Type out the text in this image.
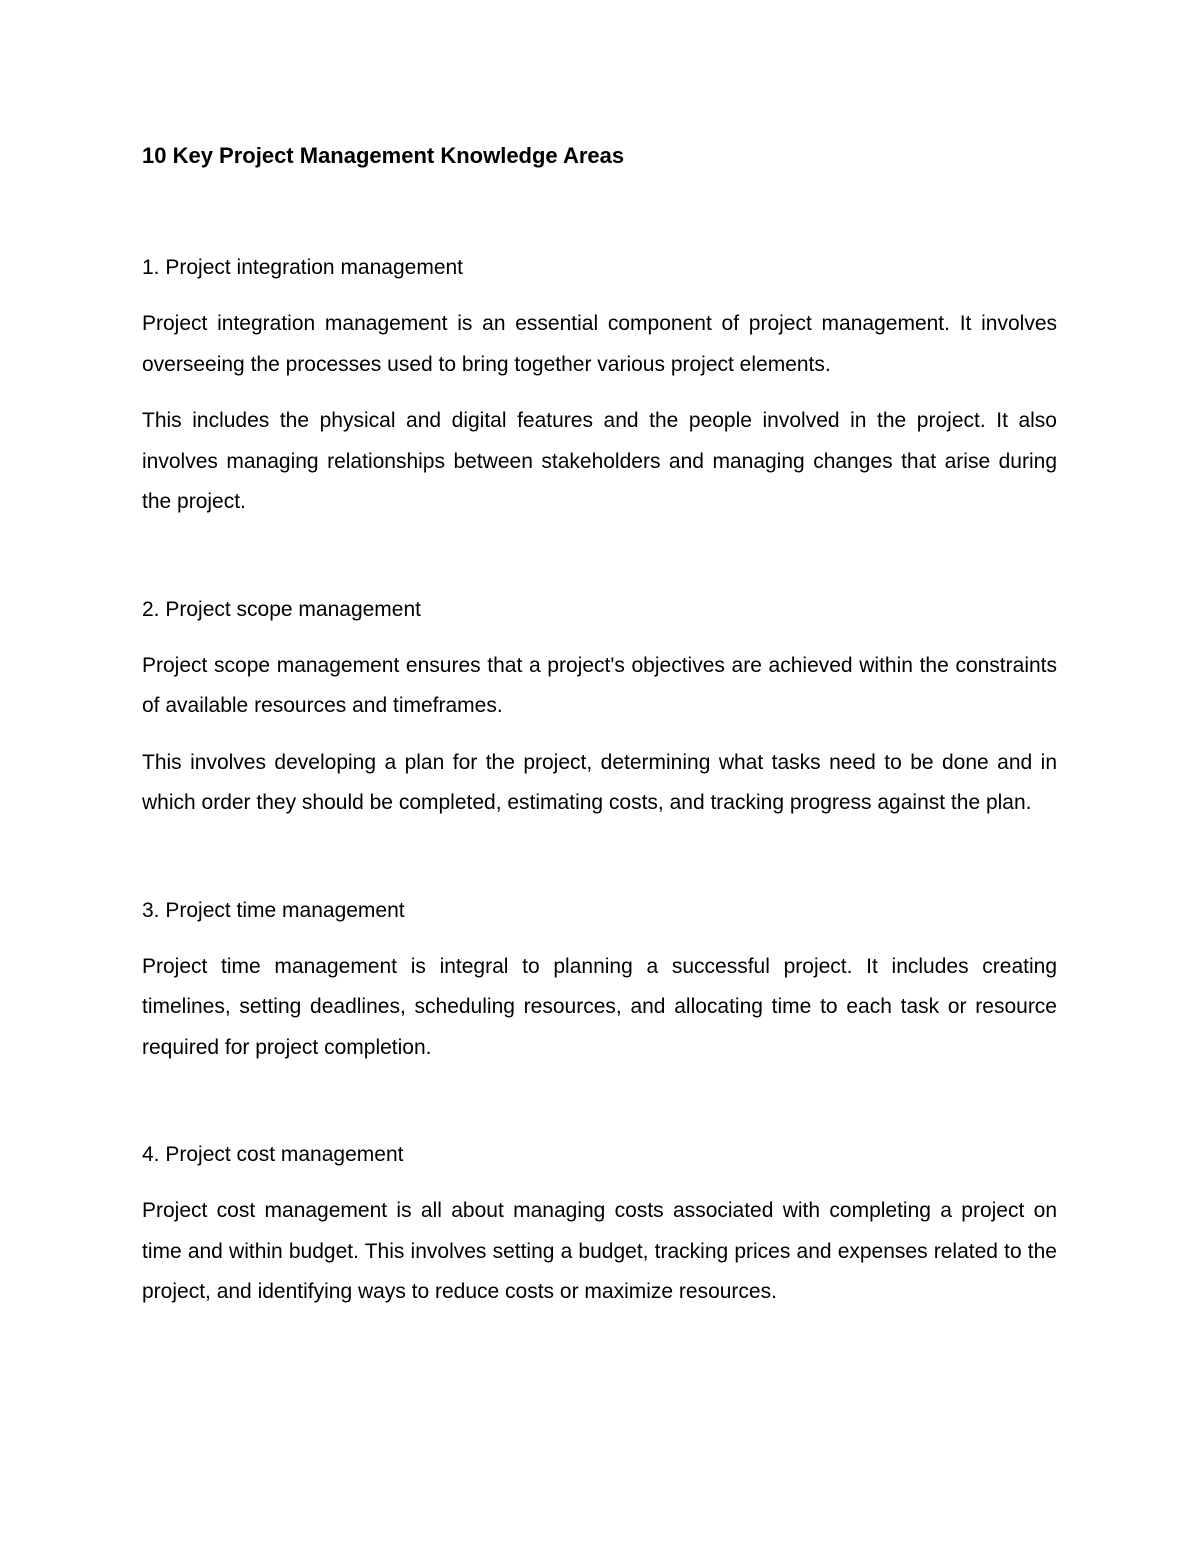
10 Key Project Management Knowledge Areas
1. Project integration management

Project integration management is an essential component of project management. It involves overseeing the processes used to bring together various project elements.

This includes the physical and digital features and the people involved in the project. It also involves managing relationships between stakeholders and managing changes that arise during the project.

2. Project scope management

Project scope management ensures that a project's objectives are achieved within the constraints of available resources and timeframes.

This involves developing a plan for the project, determining what tasks need to be done and in which order they should be completed, estimating costs, and tracking progress against the plan.

3. Project time management

Project time management is integral to planning a successful project. It includes creating timelines, setting deadlines, scheduling resources, and allocating time to each task or resource required for project completion.

4. Project cost management

Project cost management is all about managing costs associated with completing a project on time and within budget. This involves setting a budget, tracking prices and expenses related to the project, and identifying ways to reduce costs or maximize resources.
